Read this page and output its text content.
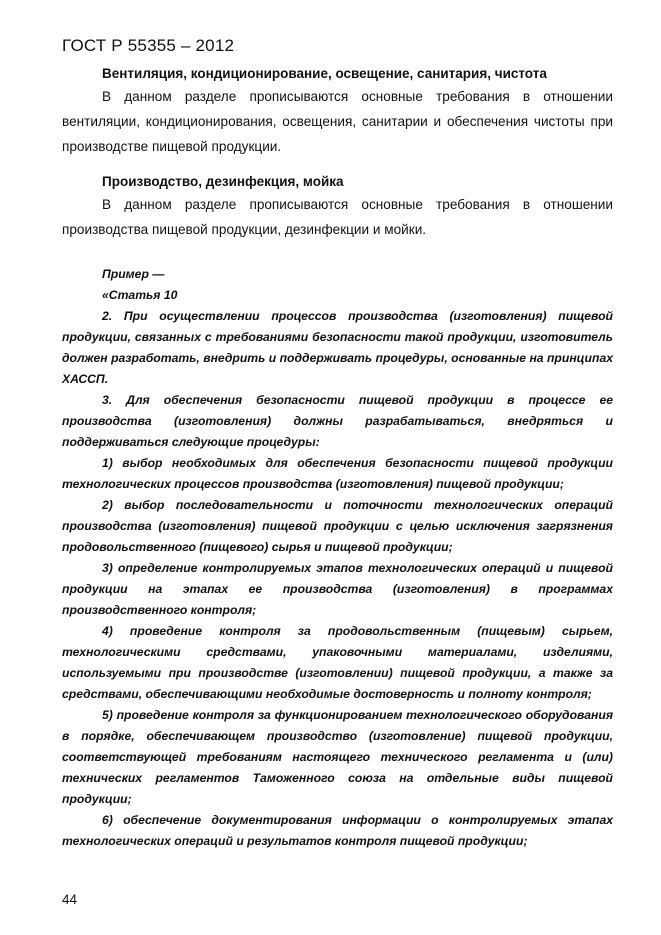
ГОСТ Р 55355 – 2012

Вентиляция, кондиционирование, освещение, санитария, чистота

В данном разделе прописываются основные требования в отношении вентиляции, кондиционирования, освещения, санитарии и обеспечения чистоты при производстве пищевой продукции.

Производство, дезинфекция, мойка

В данном разделе прописываются основные требования в отношении производства пищевой продукции, дезинфекции и мойки.

Пример —

«Статья 10

2. При осуществлении процессов производства (изготовления) пищевой продукции, связанных с требованиями безопасности такой продукции, изготовитель должен разработать, внедрить и поддерживать процедуры, основанные на принципах ХАССП.

3. Для обеспечения безопасности пищевой продукции в процессе ее производства (изготовления) должны разрабатываться, внедряться и поддерживаться следующие процедуры:

1) выбор необходимых для обеспечения безопасности пищевой продукции технологических процессов производства (изготовления) пищевой продукции;

2) выбор последовательности и поточности технологических операций производства (изготовления) пищевой продукции с целью исключения загрязнения продовольственного (пищевого) сырья и пищевой продукции;

3) определение контролируемых этапов технологических операций и пищевой продукции на этапах ее производства (изготовления) в программах производственного контроля;

4) проведение контроля за продовольственным (пищевым) сырьем, технологическими средствами, упаковочными материалами, изделиями, используемыми при производстве (изготовлении) пищевой продукции, а также за средствами, обеспечивающими необходимые достоверность и полноту контроля;

5) проведение контроля за функционированием технологического оборудования в порядке, обеспечивающем производство (изготовление) пищевой продукции, соответствующей требованиям настоящего технического регламента и (или) технических регламентов Таможенного союза на отдельные виды пищевой продукции;

6) обеспечение документирования информации о контролируемых этапах технологических операций и результатов контроля пищевой продукции;

44
